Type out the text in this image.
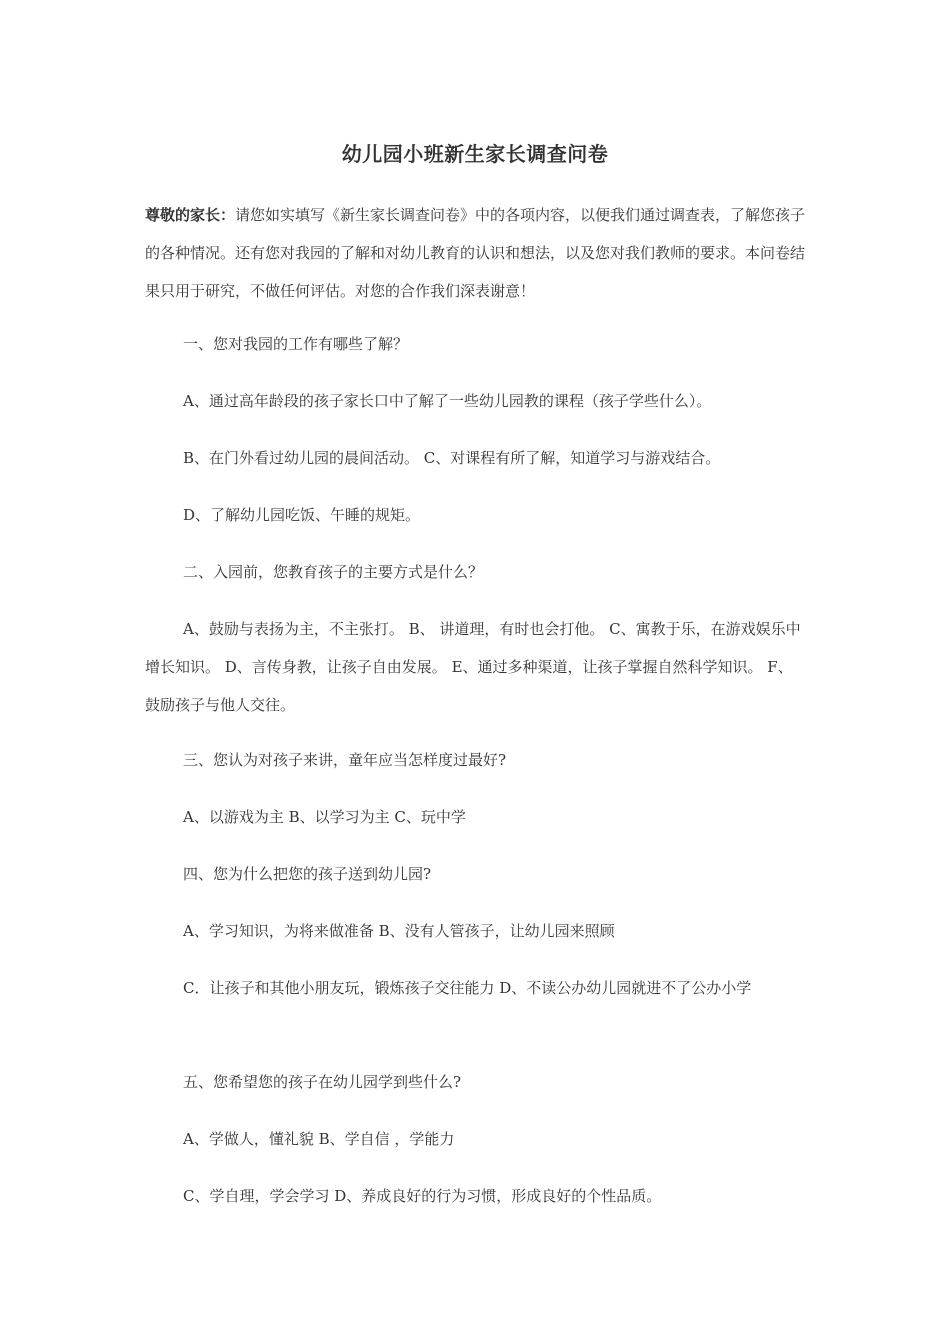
幼儿园小班新生家长调查问卷
尊敬的家长：请您如实填写《新生家长调查问卷》中的各项内容，以便我们通过调查表，了解您孩子的各种情况。还有您对我园的了解和对幼儿教育的认识和想法，以及您对我们教师的要求。本问卷结果只用于研究，不做任何评估。对您的合作我们深表谢意！
一、您对我园的工作有哪些了解？
A、通过高年龄段的孩子家长口中了解了一些幼儿园教的课程（孩子学些什么）。
B、在门外看过幼儿园的晨间活动。 C、对课程有所了解，知道学习与游戏结合。
D、了解幼儿园吃饭、午睡的规矩。
二、入园前，您教育孩子的主要方式是什么？
A、鼓励与表扬为主，不主张打。 B、 讲道理，有时也会打他。 C、寓教于乐，在游戏娱乐中增长知识。 D、言传身教，让孩子自由发展。 E、通过多种渠道，让孩子掌握自然科学知识。 F、 鼓励孩子与他人交往。
三、您认为对孩子来讲，童年应当怎样度过最好?
A、以游戏为主 B、以学习为主 C、玩中学
四、您为什么把您的孩子送到幼儿园?
A、学习知识，为将来做准备 B、没有人管孩子，让幼儿园来照顾
C．让孩子和其他小朋友玩，锻炼孩子交往能力 D、不读公办幼儿园就进不了公办小学
五、您希望您的孩子在幼儿园学到些什么?
A、学做人，懂礼貌 B、学自信 ，学能力
C、学自理，学会学习 D、养成良好的行为习惯，形成良好的个性品质。
